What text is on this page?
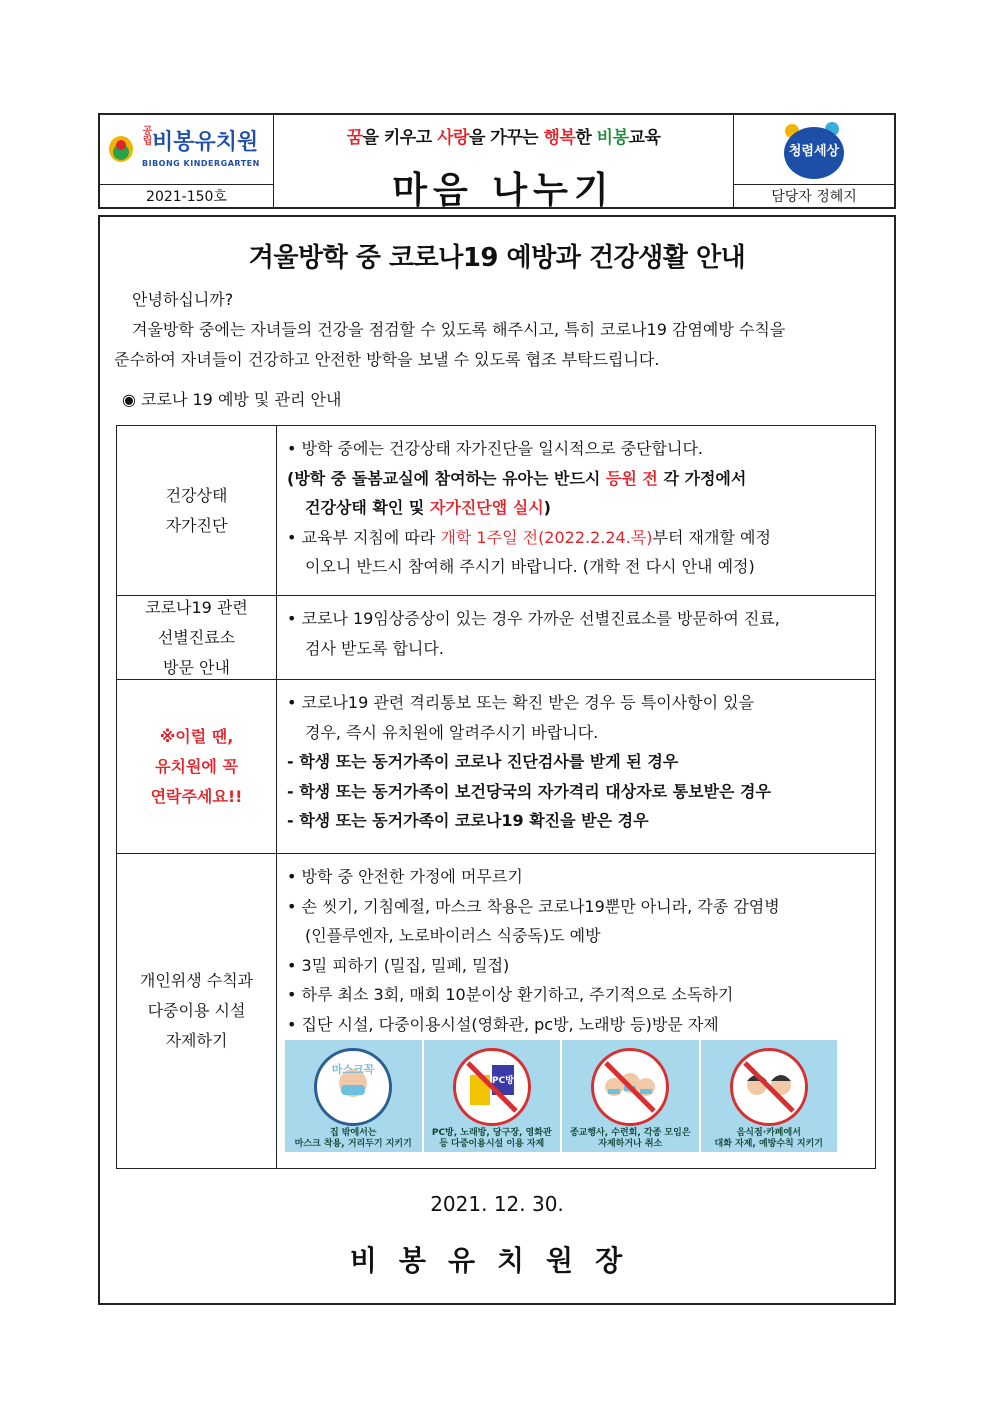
공립 비봉유치원
BIBONG KINDERGARTEN
2021-150호
꿈을 키우고 사랑을 가꾸는 행복한 비봉교육
마음 나누기
청렴세상
담당자 정혜지
겨울방학 중 코로나19 예방과 건강생활 안내
안녕하십니까?
겨울방학 중에는 자녀들의 건강을 점검할 수 있도록 해주시고, 특히 코로나19 감염예방 수칙을
준수하여 자녀들이 건강하고 안전한 방학을 보낼 수 있도록 협조 부탁드립니다.
◉ 코로나 19 예방 및 관리 안내
건강상태
자가진단
• 방학 중에는 건강상태 자가진단을 일시적으로 중단합니다.
(방학 중 돌봄교실에 참여하는 유아는 반드시 등원 전 각 가정에서
건강상태 확인 및 자가진단앱 실시)
• 교육부 지침에 따라 개학 1주일 전(2022.2.24.목)부터 재개할 예정
이오니 반드시 참여해 주시기 바랍니다. (개학 전 다시 안내 예정)
코로나19 관련
선별진료소
방문 안내
• 코로나 19임상증상이 있는 경우 가까운 선별진료소를 방문하여 진료,
검사 받도록 합니다.
※이럴 땐,
유치원에 꼭
연락주세요!!
• 코로나19 관련 격리통보 또는 확진 받은 경우 등 특이사항이 있을
경우, 즉시 유치원에 알려주시기 바랍니다.
- 학생 또는 동거가족이 코로나 진단검사를 받게 된 경우
- 학생 또는 동거가족이 보건당국의 자가격리 대상자로 통보받은 경우
- 학생 또는 동거가족이 코로나19 확진을 받은 경우
개인위생 수칙과
다중이용 시설
자제하기
• 방학 중 안전한 가정에 머무르기
• 손 씻기, 기침예절, 마스크 착용은 코로나19뿐만 아니라, 각종 감염병
(인플루엔자, 노로바이러스 식중독)도 예방
• 3밀 피하기 (밀집, 밀페, 밀접)
• 하루 최소 3회, 매회 10분이상 환기하고, 주기적으로 소독하기
• 집단 시설, 다중이용시설(영화관, pc방, 노래방 등)방문 자제
마스크꼭
집 밖에서는
마스크 착용, 거리두기 지키기
PC방
PC방, 노래방, 당구장, 영화관
등 다중이용시설 이용 자제
종교행사, 수련회, 각종 모임은
자제하거나 취소
음식점·카페에서
대화 자제, 예방수칙 지키기
2021. 12. 30.
비봉유치원장
